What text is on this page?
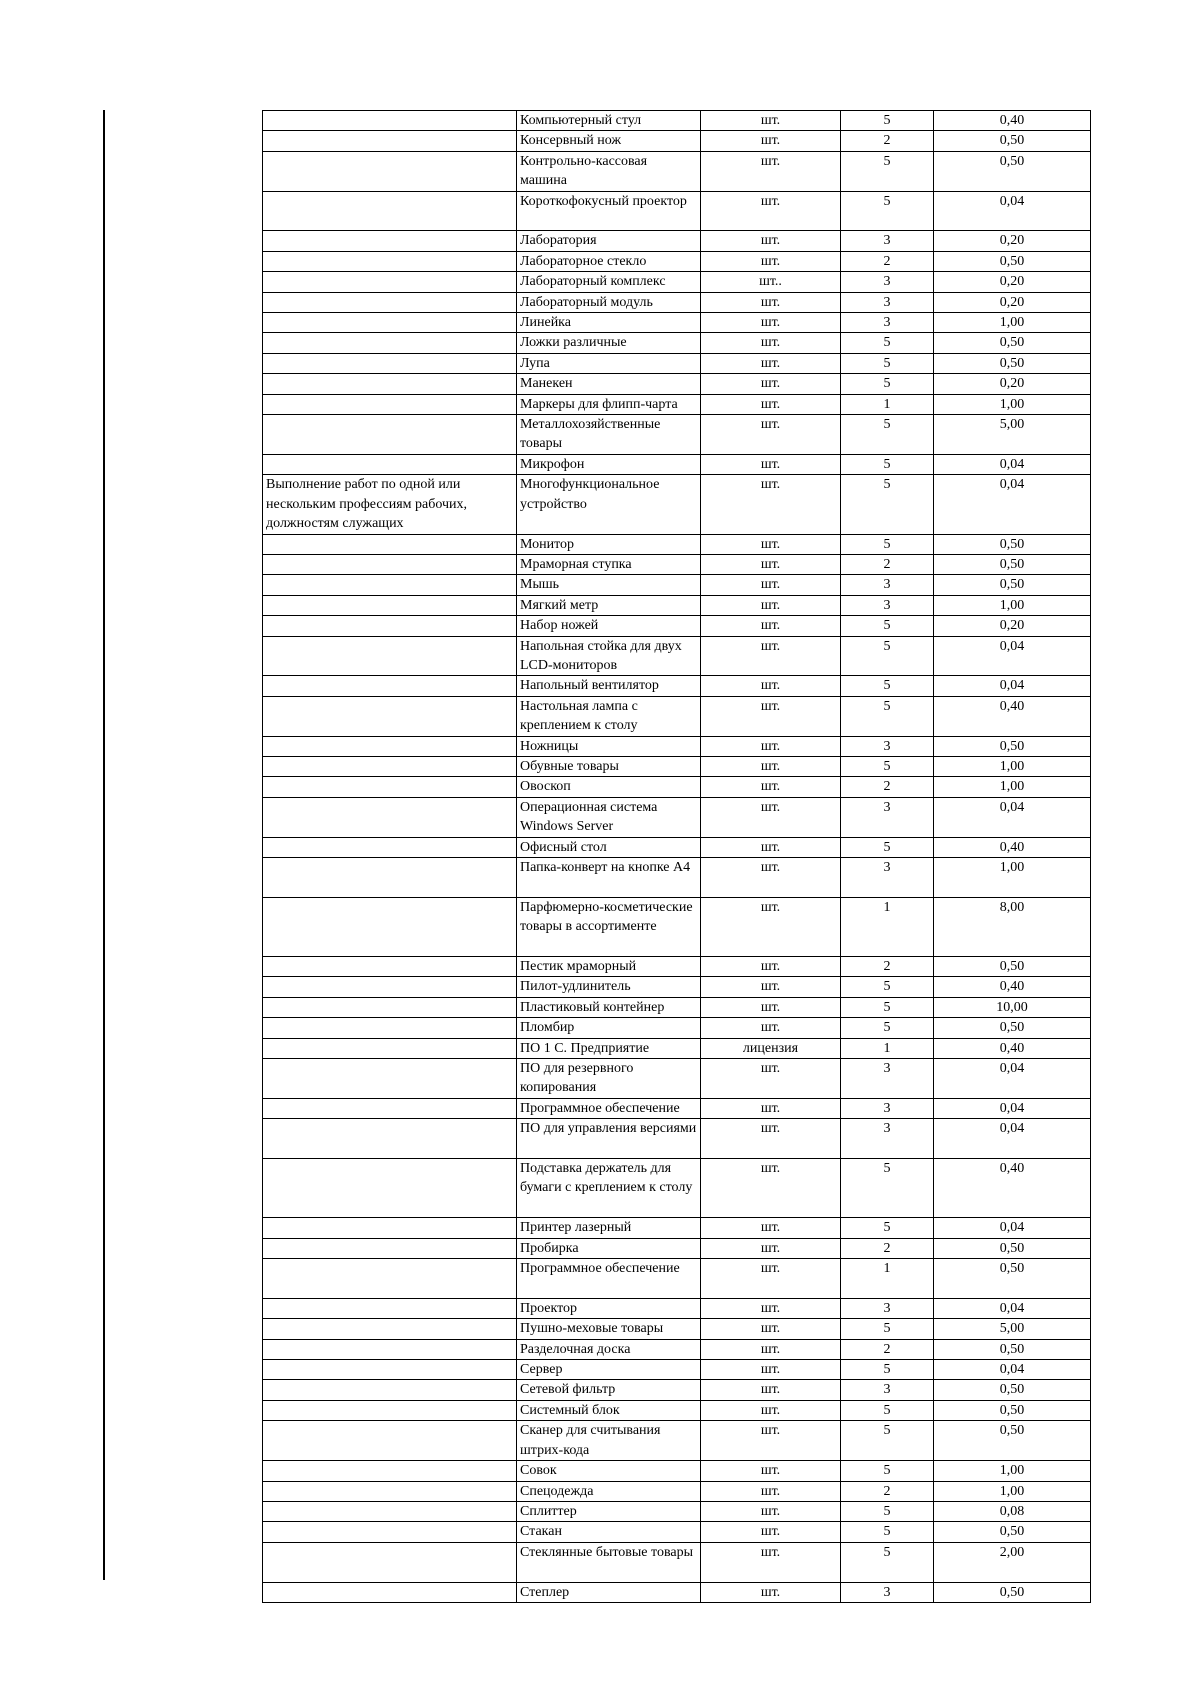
	Компьютерный стул	шт.	5	0,40
	Консервный нож	шт.	2	0,50
	Контрольно-кассовая машина	шт.	5	0,50
	Короткофокусный проектор	шт.	5	0,04
	Лаборатория	шт.	3	0,20
	Лабораторное стекло	шт.	2	0,50
	Лабораторный комплекс	шт..	3	0,20
	Лабораторный модуль	шт.	3	0,20
	Линейка	шт.	3	1,00
	Ложки различные	шт.	5	0,50
	Лупа	шт.	5	0,50
	Манекен	шт.	5	0,20
	Маркеры для флипп-чарта	шт.	1	1,00
	Металлохозяйственные товары	шт.	5	5,00
	Микрофон	шт.	5	0,04
Выполнение работ по одной или нескольким профессиям рабочих, должностям служащих	Многофункциональное устройство	шт.	5	0,04
	Монитор	шт.	5	0,50
	Мраморная ступка	шт.	2	0,50
	Мышь	шт.	3	0,50
	Мягкий метр	шт.	3	1,00
	Набор ножей	шт.	5	0,20
	Напольная стойка для двух LCD-мониторов	шт.	5	0,04
	Напольный вентилятор	шт.	5	0,04
	Настольная лампа с креплением к столу	шт.	5	0,40
	Ножницы	шт.	3	0,50
	Обувные товары	шт.	5	1,00
	Овоскоп	шт.	2	1,00
	Операционная система Windows Server	шт.	3	0,04
	Офисный стол	шт.	5	0,40
	Папка-конверт на кнопке А4	шт.	3	1,00
	Парфюмерно-косметические товары в ассортименте	шт.	1	8,00
	Пестик мраморный	шт.	2	0,50
	Пилот-удлинитель	шт.	5	0,40
	Пластиковый контейнер	шт.	5	10,00
	Пломбир	шт.	5	0,50
	ПО 1 С. Предприятие	лицензия	1	0,40
	ПО для резервного копирования	шт.	3	0,04
	Программное обеспечение	шт.	3	0,04
	ПО для управления версиями	шт.	3	0,04
	Подставка держатель для бумаги с креплением к столу	шт.	5	0,40
	Принтер лазерный	шт.	5	0,04
	Пробирка	шт.	2	0,50
	Программное обеспечение	шт.	1	0,50
	Проектор	шт.	3	0,04
	Пушно-меховые товары	шт.	5	5,00
	Разделочная доска	шт.	2	0,50
	Сервер	шт.	5	0,04
	Сетевой фильтр	шт.	3	0,50
	Системный блок	шт.	5	0,50
	Сканер для считывания штрих-кода	шт.	5	0,50
	Совок	шт.	5	1,00
	Спецодежда	шт.	2	1,00
	Сплиттер	шт.	5	0,08
	Стакан	шт.	5	0,50
	Стеклянные бытовые товары	шт.	5	2,00
	Степлер	шт.	3	0,50
